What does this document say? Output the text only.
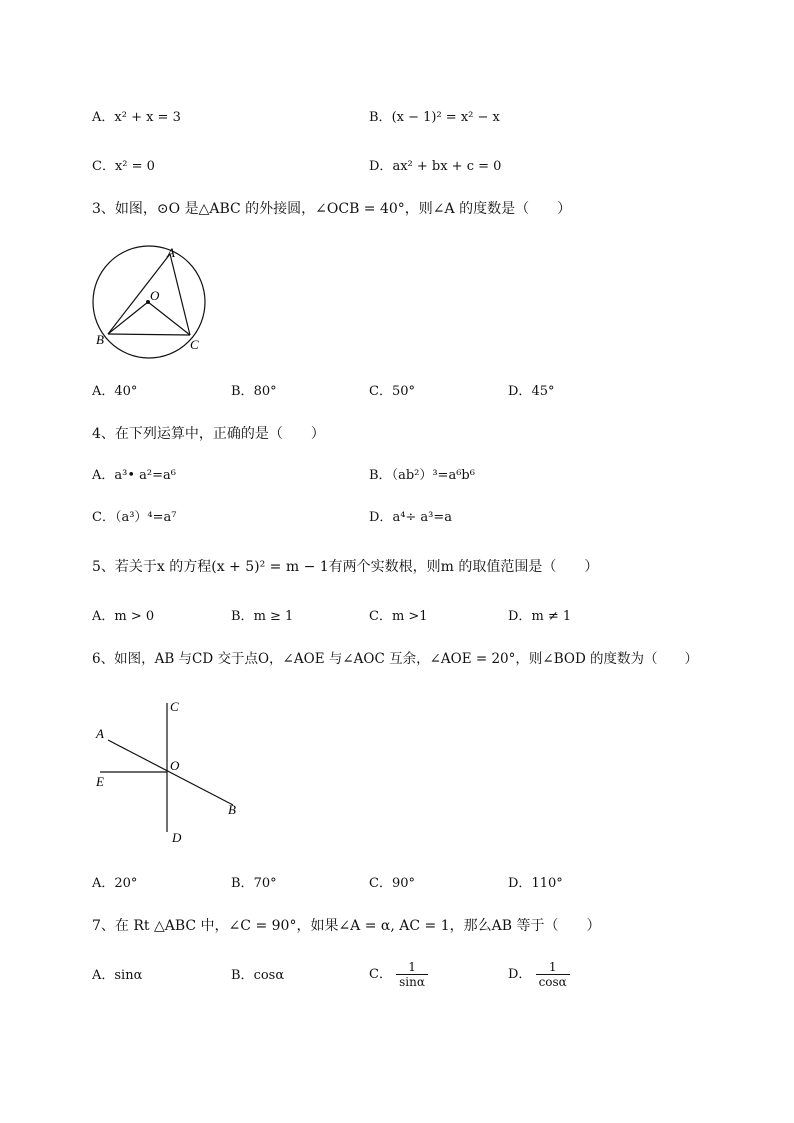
A．x² + x = 3	B．(x − 1)² = x² − x
C．x² = 0	D．ax² + bx + c = 0
3、如图，⊙O 是△ABC 的外接圆，∠OCB = 40°，则∠A 的度数是（　　）
A
O
B	C
A．40°	B．80°	C．50°	D．45°
4、在下列运算中，正确的是（　　）
A．a³• a²=a⁶	B．（ab²）³=a⁶b⁶
C．（a³）⁴=a⁷	D．a⁴÷ a³=a
5、若关于x 的方程(x + 5)² = m − 1有两个实数根，则m 的取值范围是（　　）
A．m > 0	B．m ≥ 1	C．m >1	D．m ≠ 1
6、如图，AB 与CD 交于点O，∠AOE 与∠AOC 互余，∠AOE = 20°，则∠BOD 的度数为（　　）
C
A
O
E
B
D
A．20°	B．70°	C．90°	D．110°
7、在 Rt △ABC 中，∠C = 90°，如果∠A = α, AC = 1，那么AB 等于（　　）
A．sinα	B．cosα	C． $\frac{1}{\sin\alpha}$	D． $\frac{1}{\cos\alpha}$
